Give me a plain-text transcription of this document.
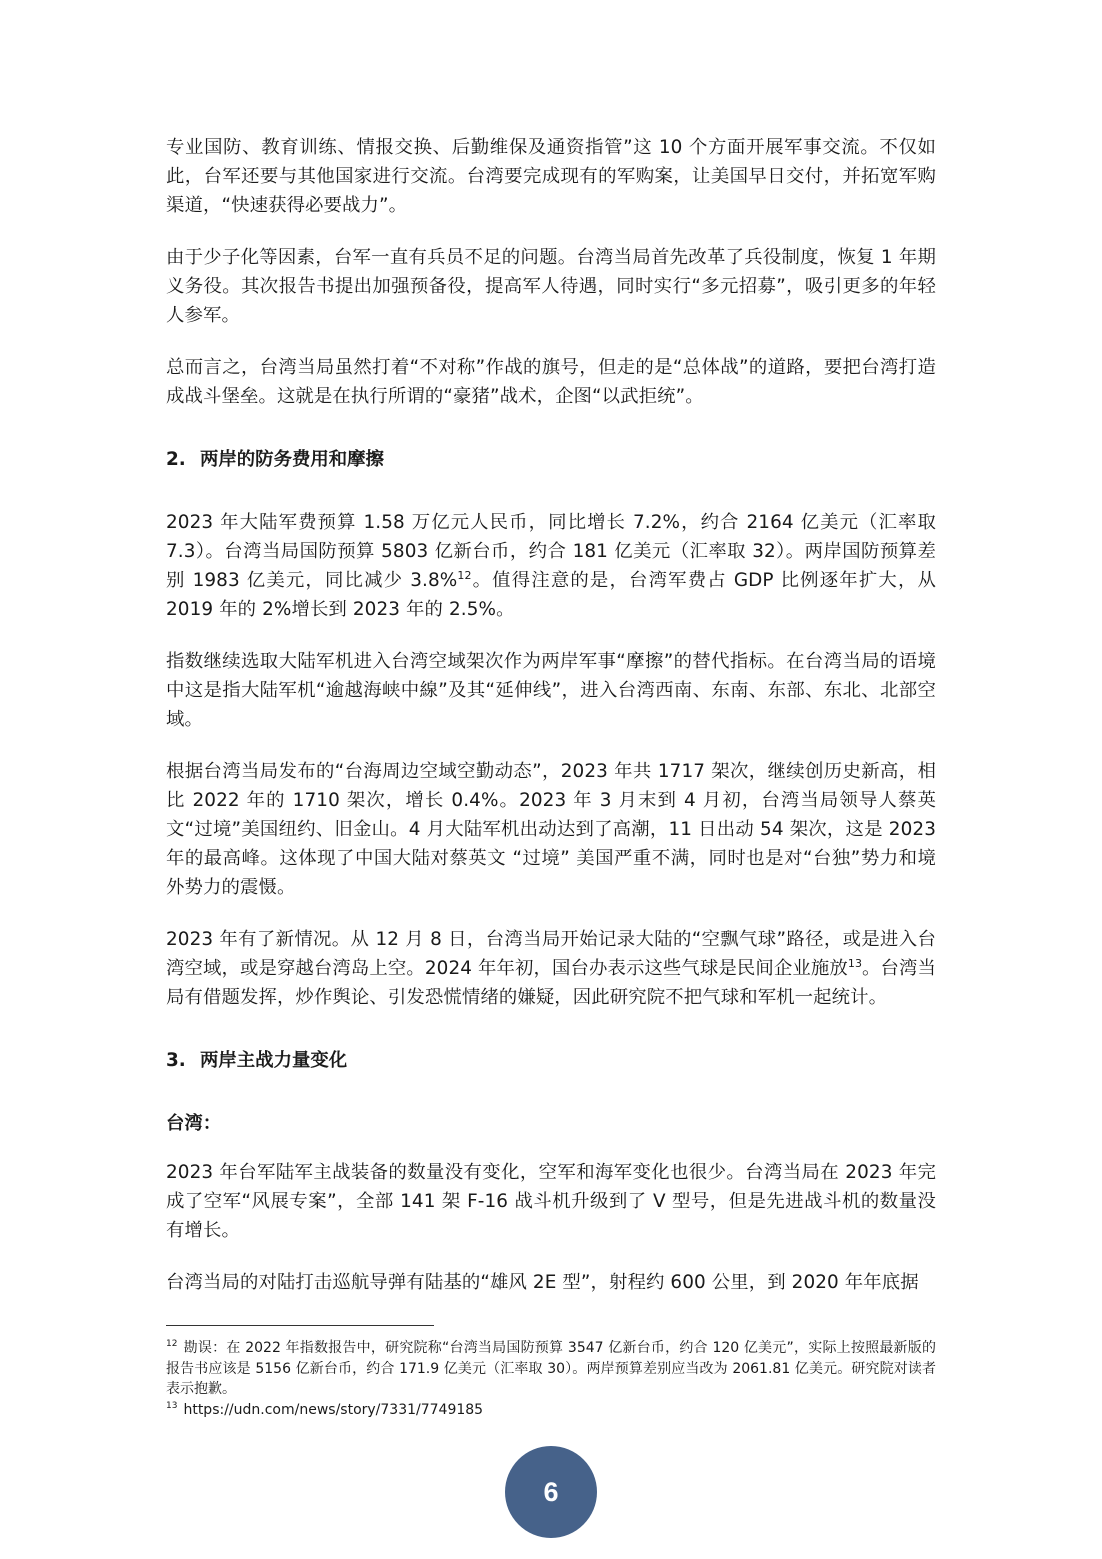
专业国防、教育训练、情报交换、后勤维保及通资指管”这 10 个方面开展军事交流。不仅如此，台军还要与其他国家进行交流。台湾要完成现有的军购案，让美国早日交付，并拓宽军购渠道，“快速获得必要战力”。

由于少子化等因素，台军一直有兵员不足的问题。台湾当局首先改革了兵役制度，恢复 1 年期义务役。其次报告书提出加强预备役，提高军人待遇，同时实行“多元招募”，吸引更多的年轻人参军。

总而言之，台湾当局虽然打着“不对称”作战的旗号，但走的是“总体战”的道路，要把台湾打造成战斗堡垒。这就是在执行所谓的“豪猪”战术，企图“以武拒统”。

2. 两岸的防务费用和摩擦

2023 年大陆军费预算 1.58 万亿元人民币，同比增长 7.2%，约合 2164 亿美元（汇率取 7.3）。台湾当局国防预算 5803 亿新台币，约合 181 亿美元（汇率取 32）。两岸国防预算差别 1983 亿美元，同比减少 3.8%$^{12}$。值得注意的是，台湾军费占 GDP 比例逐年扩大，从 2019 年的 2%增长到 2023 年的 2.5%。

指数继续选取大陆军机进入台湾空域架次作为两岸军事“摩擦”的替代指标。在台湾当局的语境中这是指大陆军机“逾越海峡中線”及其“延伸线”，进入台湾西南、东南、东部、东北、北部空域。

根据台湾当局发布的“台海周边空域空勤动态”，2023 年共 1717 架次，继续创历史新高，相比 2022 年的 1710 架次，增长 0.4%。2023 年 3 月末到 4 月初，台湾当局领导人蔡英文“过境”美国纽约、旧金山。4 月大陆军机出动达到了高潮，11 日出动 54 架次，这是 2023 年的最高峰。这体现了中国大陆对蔡英文 “过境” 美国严重不满，同时也是对“台独”势力和境外势力的震慑。

2023 年有了新情况。从 12 月 8 日，台湾当局开始记录大陆的“空飘气球”路径，或是进入台湾空域，或是穿越台湾岛上空。2024 年年初，国台办表示这些气球是民间企业施放$^{13}$。台湾当局有借题发挥，炒作舆论、引发恐慌情绪的嫌疑，因此研究院不把气球和军机一起统计。

3. 两岸主战力量变化
台湾：

2023 年台军陆军主战装备的数量没有变化，空军和海军变化也很少。台湾当局在 2023 年完成了空军“风展专案”，全部 141 架 F-16 战斗机升级到了 V 型号，但是先进战斗机的数量没有增长。

台湾当局的对陆打击巡航导弹有陆基的“雄风 2E 型”，射程约 600 公里，到 2020 年年底据

$^{12}$ 勘误：在 2022 年指数报告中，研究院称“台湾当局国防预算 3547 亿新台币，约合 120 亿美元”，实际上按照最新版的报告书应该是 5156 亿新台币，约合 171.9 亿美元（汇率取 30）。两岸预算差别应当改为 2061.81 亿美元。研究院对读者表示抱歉。

$^{13}$ https://udn.com/news/story/7331/7749185

6
